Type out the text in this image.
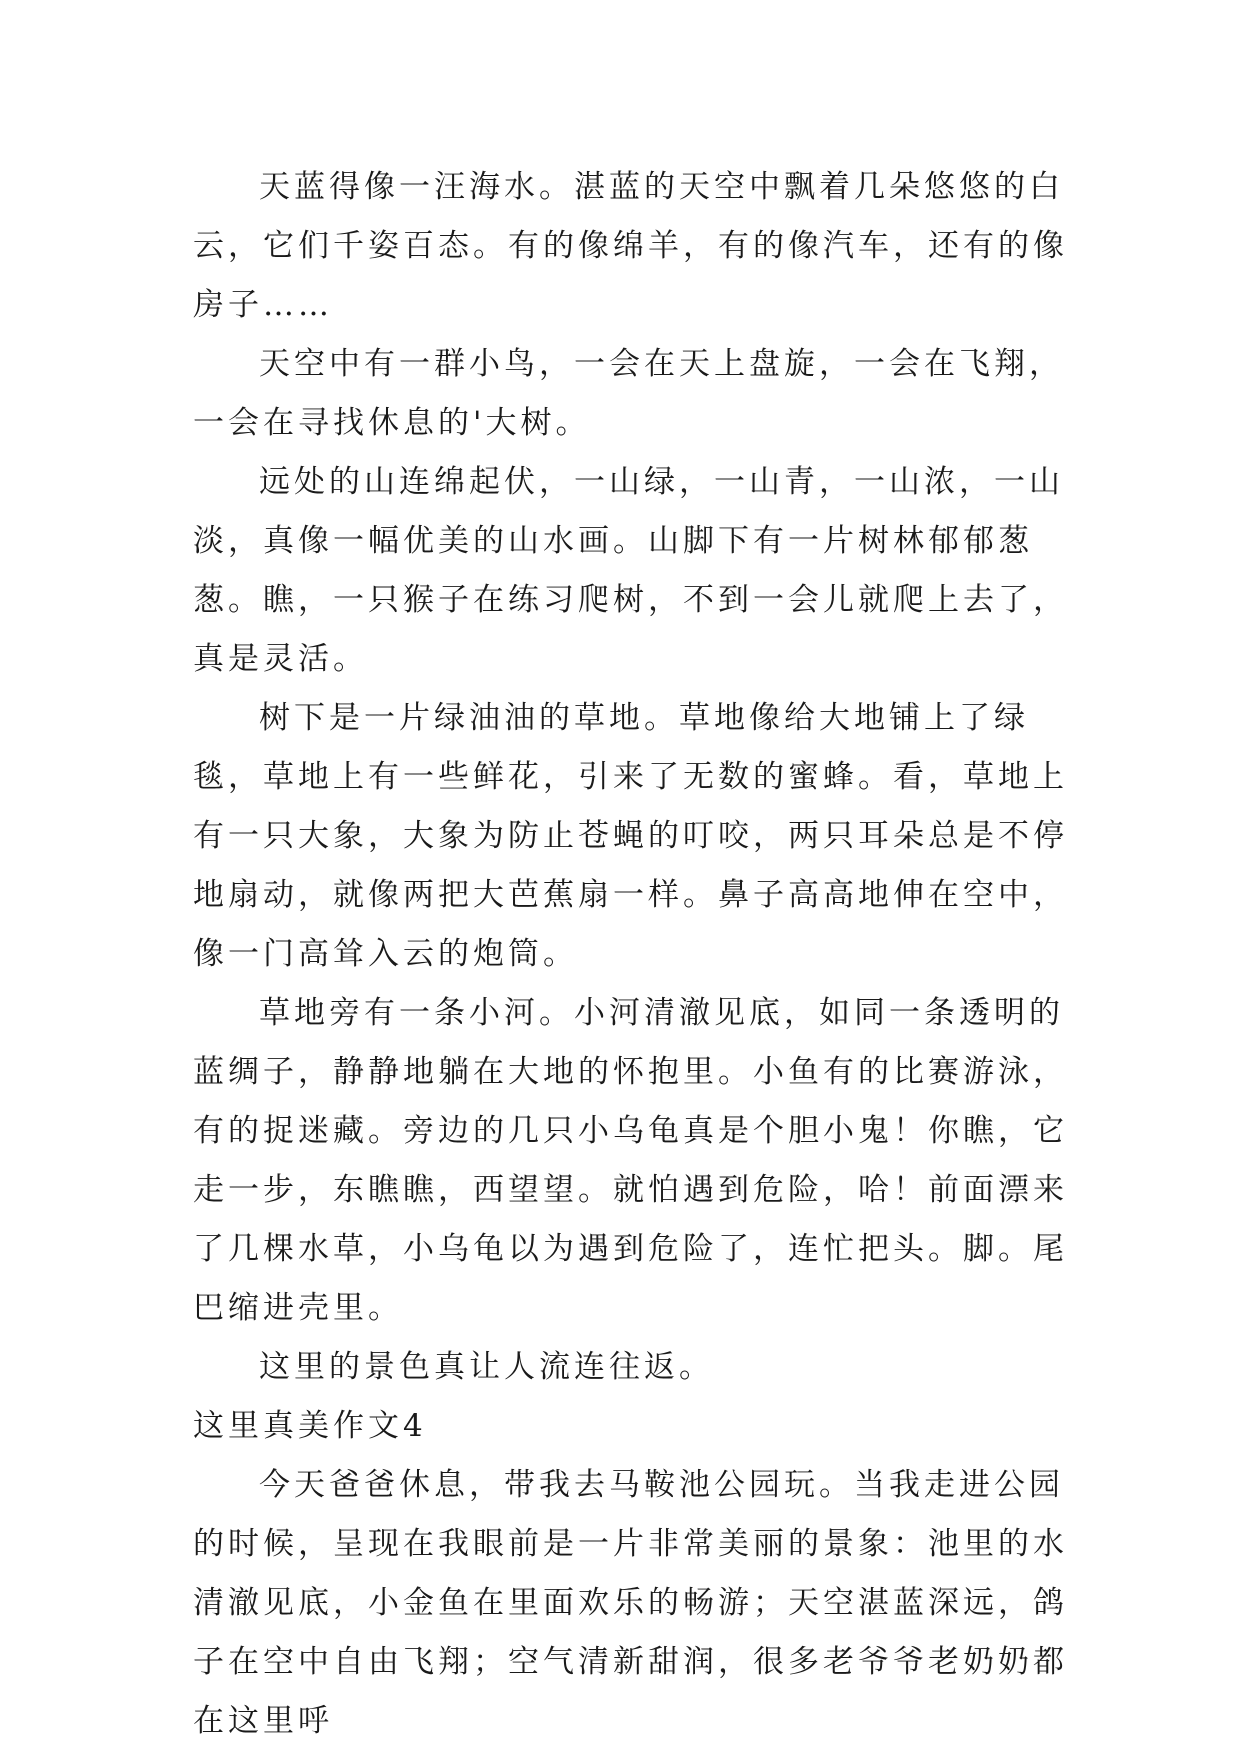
天蓝得像一汪海水。湛蓝的天空中飘着几朵悠悠的白云，它们千姿百态。有的像绵羊，有的像汽车，还有的像房子……

天空中有一群小鸟，一会在天上盘旋，一会在飞翔，一会在寻找休息的'大树。

远处的山连绵起伏，一山绿，一山青，一山浓，一山淡，真像一幅优美的山水画。山脚下有一片树林郁郁葱葱。瞧，一只猴子在练习爬树，不到一会儿就爬上去了，真是灵活。

树下是一片绿油油的草地。草地像给大地铺上了绿毯，草地上有一些鲜花，引来了无数的蜜蜂。看，草地上有一只大象，大象为防止苍蝇的叮咬，两只耳朵总是不停地扇动，就像两把大芭蕉扇一样。鼻子高高地伸在空中，像一门高耸入云的炮筒。

草地旁有一条小河。小河清澈见底，如同一条透明的蓝绸子，静静地躺在大地的怀抱里。小鱼有的比赛游泳，有的捉迷藏。旁边的几只小乌龟真是个胆小鬼！你瞧，它走一步，东瞧瞧，西望望。就怕遇到危险，哈！前面漂来了几棵水草，小乌龟以为遇到危险了，连忙把头。脚。尾巴缩进壳里。

这里的景色真让人流连往返。

这里真美作文4

今天爸爸休息，带我去马鞍池公园玩。当我走进公园的时候，呈现在我眼前是一片非常美丽的景象：池里的水清澈见底，小金鱼在里面欢乐的畅游；天空湛蓝深远，鸽子在空中自由飞翔；空气清新甜润，很多老爷爷老奶奶都在这里呼
